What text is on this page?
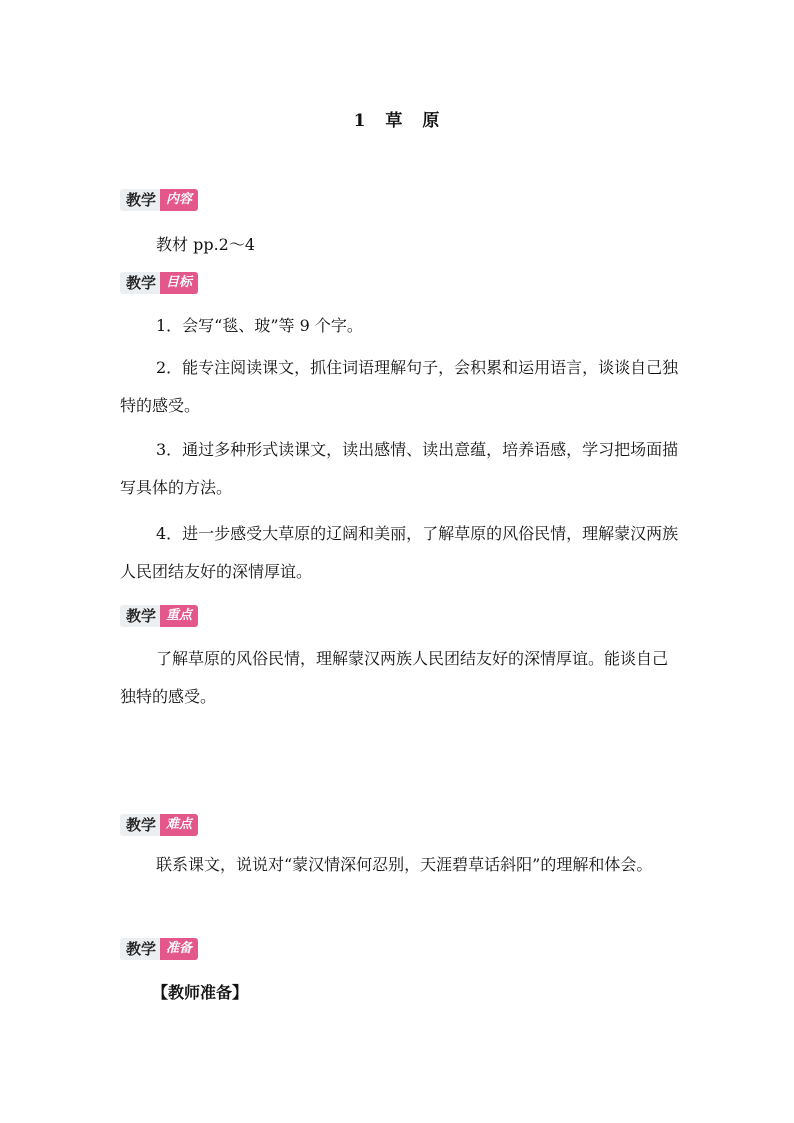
1 草 原
教学 内容
教材 pp.2～4
教学 目标
1．会写“毯、玻”等 9 个字。
2．能专注阅读课文，抓住词语理解句子，会积累和运用语言，谈谈自己独特的感受。
3．通过多种形式读课文，读出感情、读出意蕴，培养语感，学习把场面描写具体的方法。
4．进一步感受大草原的辽阔和美丽，了解草原的风俗民情，理解蒙汉两族人民团结友好的深情厚谊。
教学 重点
了解草原的风俗民情，理解蒙汉两族人民团结友好的深情厚谊。能谈自己独特的感受。
教学 难点
联系课文，说说对“蒙汉情深何忍别，天涯碧草话斜阳”的理解和体会。
教学 准备
【教师准备】
